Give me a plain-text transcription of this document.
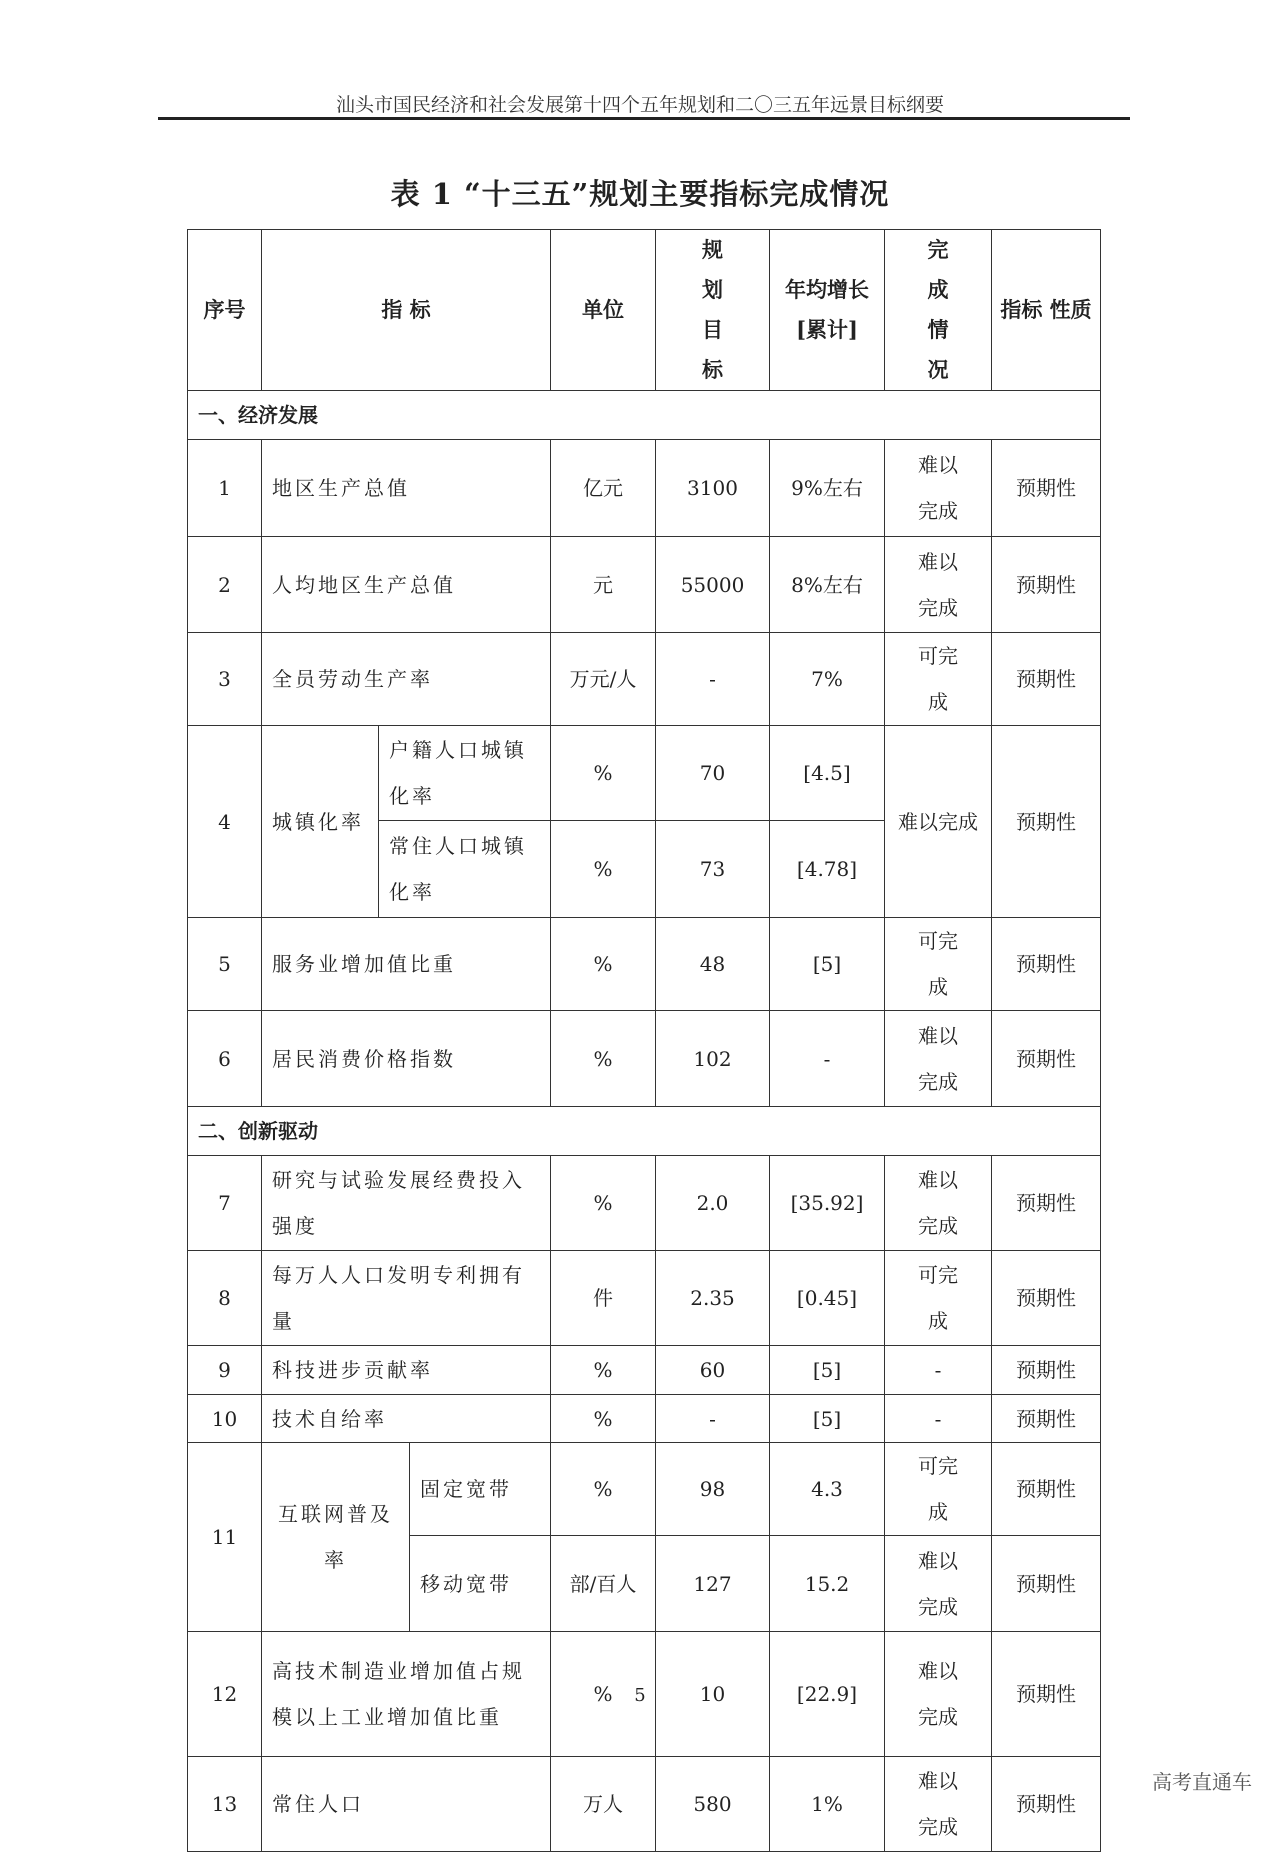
汕头市国民经济和社会发展第十四个五年规划和二〇三五年远景目标纲要
表 1 “十三五”规划主要指标完成情况
序号	指 标			单位	规划目标	年均增长[累计]	完成情况	指标 性质
一、经济发展								
1	地区生产总值			亿元	3100	9%左右	难以完成	预期性
2	人均地区生产总值			元	55000	8%左右	难以完成	预期性
3	全员劳动生产率			万元/人	-	7%	可完成	预期性
4	城镇化率	户籍人口城镇化率		%	70	[4.5]	难以完成	预期性
		常住人口城镇化率		%	73	[4.78]		
5	服务业增加值比重			%	48	[5]	可完成	预期性
6	居民消费价格指数			%	102	-	难以完成	预期性
二、创新驱动								
7	研究与试验发展经费投入强度			%	2.0	[35.92]	难以完成	预期性
8	每万人人口发明专利拥有量			件	2.35	[0.45]	可完成	预期性
9	科技进步贡献率			%	60	[5]	-	预期性
10	技术自给率			%	-	[5]	-	预期性
11	互联网普及率		固定宽带	%	98	4.3	可完成	预期性
			移动宽带	部/百人	127	15.2	难以完成	预期性
12	高技术制造业增加值占规模以上工业增加值比重			%	10	[22.9]	难以完成	预期性
13	常住人口			万人	580	1%	难以完成	预期性
5
高考直通车
